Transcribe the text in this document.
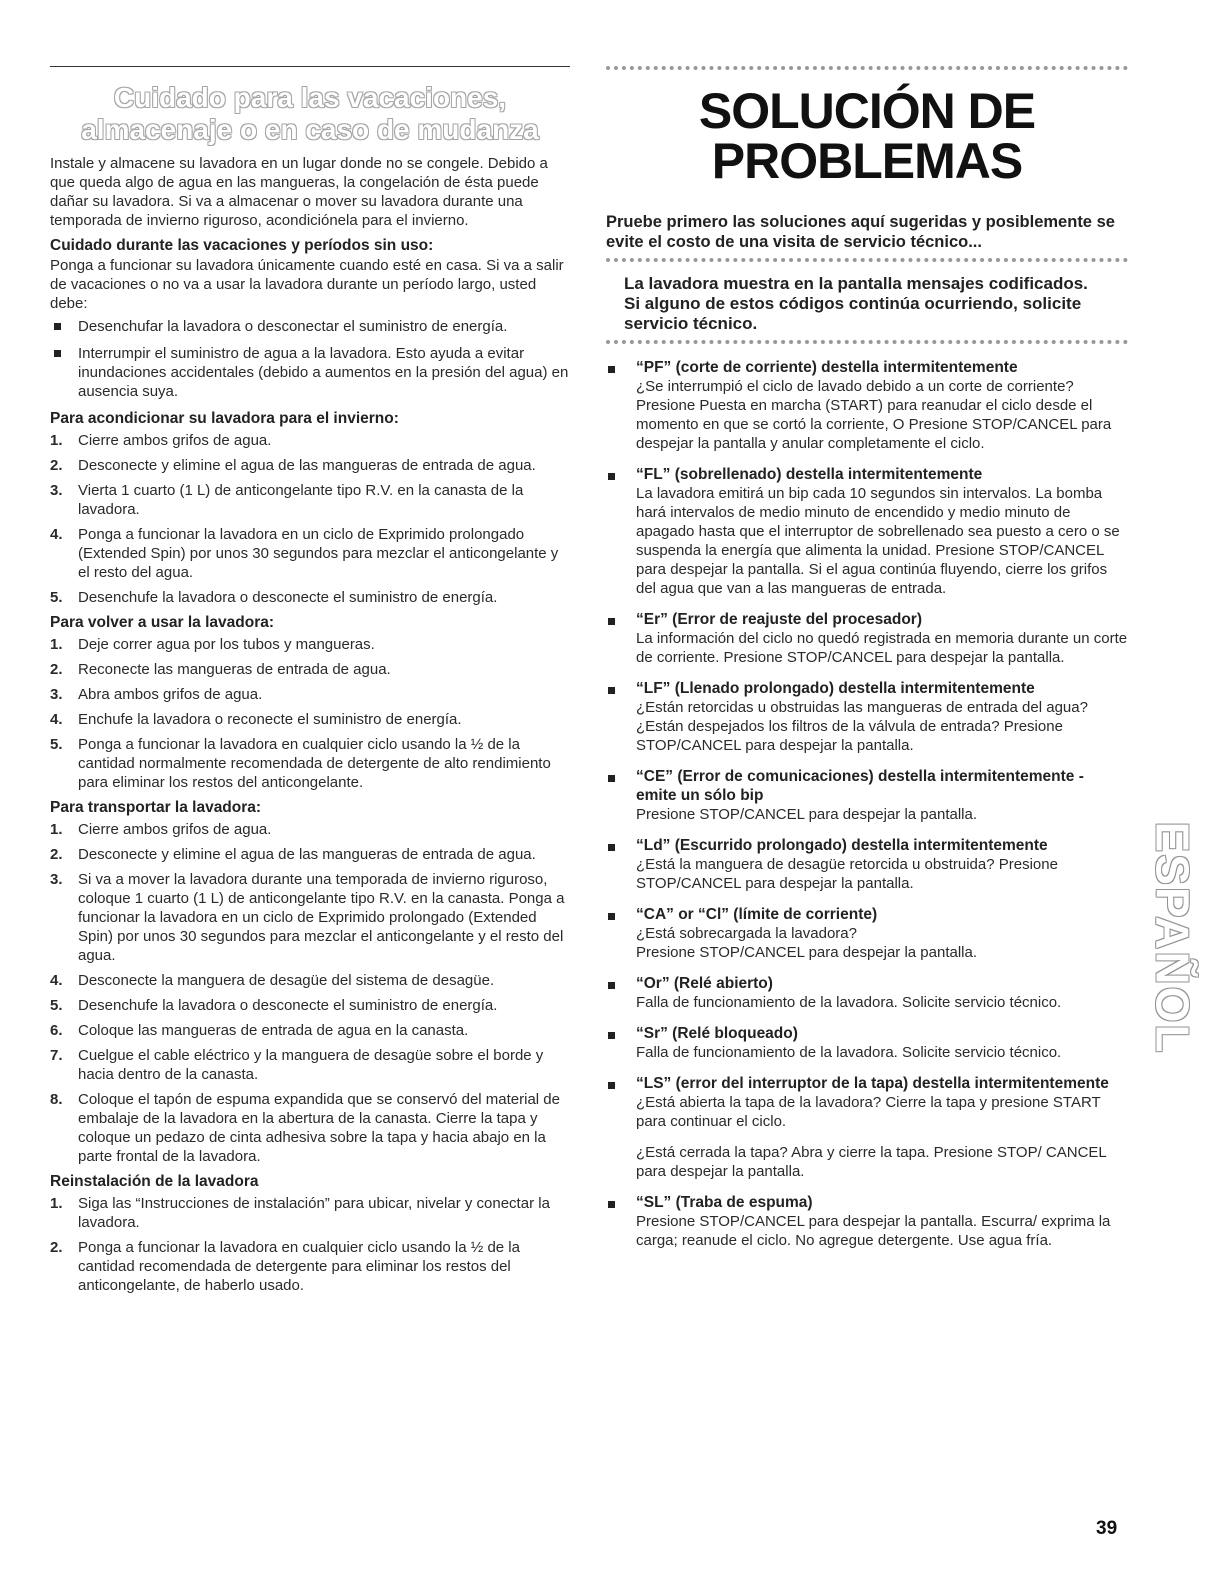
Cuidado para las vacaciones,
almacenaje o en caso de mudanza

Instale y almacene su lavadora en un lugar donde no se congele. Debido a que queda algo de agua en las mangueras, la congelación de ésta puede dañar su lavadora. Si va a almacenar o mover su lavadora durante una temporada de invierno riguroso, acondiciónela para el invierno.

Cuidado durante las vacaciones y períodos sin uso:

Ponga a funcionar su lavadora únicamente cuando esté en casa. Si va a salir de vacaciones o no va a usar la lavadora durante un período largo, usted debe:

Desenchufar la lavadora o desconectar el suministro de energía.
Interrumpir el suministro de agua a la lavadora. Esto ayuda a evitar inundaciones accidentales (debido a aumentos en la presión del agua) en ausencia suya.

Para acondicionar su lavadora para el invierno:

1. Cierre ambos grifos de agua.
2. Desconecte y elimine el agua de las mangueras de entrada de agua.
3. Vierta 1 cuarto (1 L) de anticongelante tipo R.V. en la canasta de la lavadora.
4. Ponga a funcionar la lavadora en un ciclo de Exprimido prolongado (Extended Spin) por unos 30 segundos para mezclar el anticongelante y el resto del agua.
5. Desenchufe la lavadora o desconecte el suministro de energía.

Para volver a usar la lavadora:

1. Deje correr agua por los tubos y mangueras.
2. Reconecte las mangueras de entrada de agua.
3. Abra ambos grifos de agua.
4. Enchufe la lavadora o reconecte el suministro de energía.
5. Ponga a funcionar la lavadora en cualquier ciclo usando la ½ de la cantidad normalmente recomendada de detergente de alto rendimiento para eliminar los restos del anticongelante.

Para transportar la lavadora:

1. Cierre ambos grifos de agua.
2. Desconecte y elimine el agua de las mangueras de entrada de agua.
3. Si va a mover la lavadora durante una temporada de invierno riguroso, coloque 1 cuarto (1 L) de anticongelante tipo R.V. en la canasta. Ponga a funcionar la lavadora en un ciclo de Exprimido prolongado (Extended Spin) por unos 30 segundos para mezclar el anticongelante y el resto del agua.
4. Desconecte la manguera de desagüe del sistema de desagüe.
5. Desenchufe la lavadora o desconecte el suministro de energía.
6. Coloque las mangueras de entrada de agua en la canasta.
7. Cuelgue el cable eléctrico y la manguera de desagüe sobre el borde y hacia dentro de la canasta.
8. Coloque el tapón de espuma expandida que se conservó del material de embalaje de la lavadora en la abertura de la canasta. Cierre la tapa y coloque un pedazo de cinta adhesiva sobre la tapa y hacia abajo en la parte frontal de la lavadora.

Reinstalación de la lavadora

1. Siga las “Instrucciones de instalación” para ubicar, nivelar y conectar la lavadora.
2. Ponga a funcionar la lavadora en cualquier ciclo usando la ½ de la cantidad recomendada de detergente para eliminar los restos del anticongelante, de haberlo usado.
SOLUCIÓN DE
PROBLEMAS

Pruebe primero las soluciones aquí sugeridas y posiblemente se evite el costo de una visita de servicio técnico...

La lavadora muestra en la pantalla mensajes codificados.

Si alguno de estos códigos continúa ocurriendo, solicite servicio técnico.

“PF” (corte de corriente) destella intermitentemente

¿Se interrumpió el ciclo de lavado debido a un corte de corriente? Presione Puesta en marcha (START) para reanudar el ciclo desde el momento en que se cortó la corriente, O Presione STOP/CANCEL para despejar la pantalla y anular completamente el ciclo.

“FL” (sobrellenado) destella intermitentemente

La lavadora emitirá un bip cada 10 segundos sin intervalos. La bomba hará intervalos de medio minuto de encendido y medio minuto de apagado hasta que el interruptor de sobrellenado sea puesto a cero o se suspenda la energía que alimenta la unidad. Presione STOP/CANCEL para despejar la pantalla. Si el agua continúa fluyendo, cierre los grifos del agua que van a las mangueras de entrada.

“Er” (Error de reajuste del procesador)

La información del ciclo no quedó registrada en memoria durante un corte de corriente. Presione STOP/CANCEL para despejar la pantalla.

“LF” (Llenado prolongado) destella intermitentemente

¿Están retorcidas u obstruidas las mangueras de entrada del agua?
¿Están despejados los filtros de la válvula de entrada? Presione STOP/CANCEL para despejar la pantalla.

“CE” (Error de comunicaciones) destella intermitentemente - emite un sólo bip

Presione STOP/CANCEL para despejar la pantalla.

“Ld” (Escurrido prolongado) destella intermitentemente

¿Está la manguera de desagüe retorcida u obstruida? Presione STOP/CANCEL para despejar la pantalla.

“CA” or “Cl” (límite de corriente)

¿Está sobrecargada la lavadora?
Presione STOP/CANCEL para despejar la pantalla.

“Or” (Relé abierto)

Falla de funcionamiento de la lavadora. Solicite servicio técnico.

“Sr” (Relé bloqueado)

Falla de funcionamiento de la lavadora. Solicite servicio técnico.

“LS” (error del interruptor de la tapa) destella intermitentemente

¿Está abierta la tapa de la lavadora? Cierre la tapa y presione START para continuar el ciclo.

¿Está cerrada la tapa? Abra y cierre la tapa. Presione STOP/ CANCEL para despejar la pantalla.

“SL” (Traba de espuma)

Presione STOP/CANCEL para despejar la pantalla. Escurra/ exprima la carga; reanude el ciclo. No agregue detergente. Use agua fría.

ESPAÑOL
39
